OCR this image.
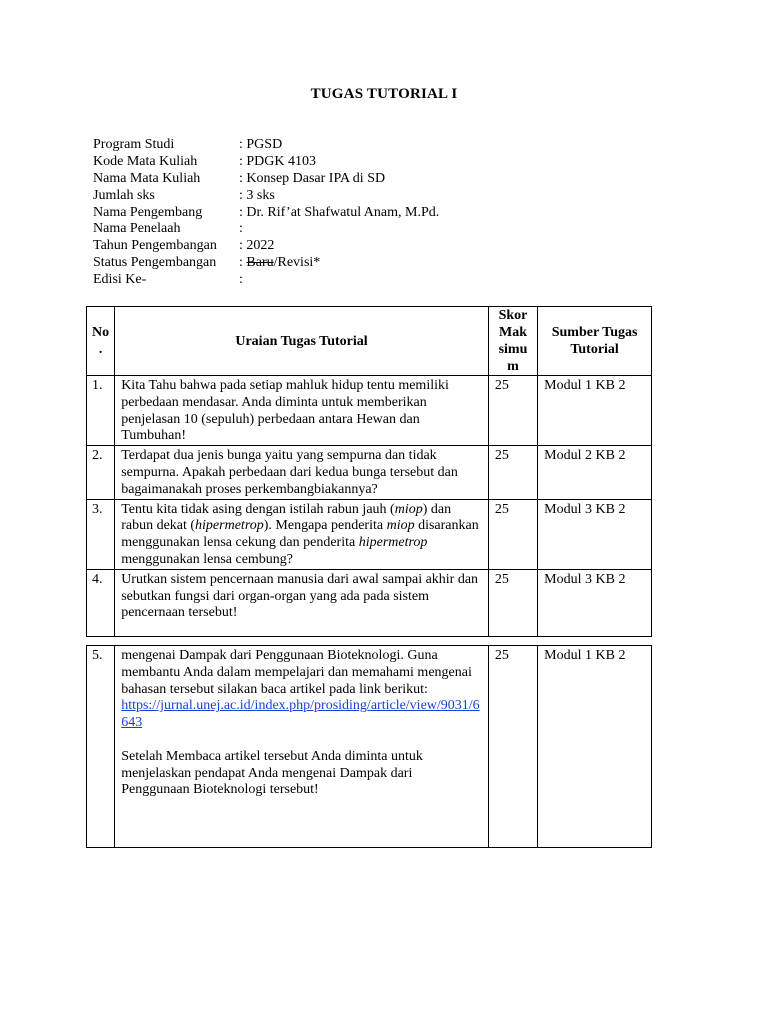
TUGAS TUTORIAL I
Program Studi	: PGSD
Kode Mata Kuliah	: PDGK 4103
Nama Mata Kuliah	: Konsep Dasar IPA di SD
Jumlah sks	: 3 sks
Nama Pengembang	: Dr. Rif’at Shafwatul Anam, M.Pd.
Nama Penelaah	:
Tahun Pengembangan	: 2022
Status Pengembangan	: Baru/Revisi*
Edisi Ke-	:
No
.	Uraian Tugas Tutorial	Skor
Mak
simu
m	Sumber Tugas
Tutorial

1.	Kita Tahu bahwa pada setiap mahluk hidup tentu memiliki perbedaan mendasar. Anda diminta untuk memberikan penjelasan 10 (sepuluh) perbedaan antara Hewan dan Tumbuhan!	25	Modul 1 KB 2

2.	Terdapat dua jenis bunga yaitu yang sempurna dan tidak sempurna. Apakah perbedaan dari kedua bunga tersebut dan bagaimanakah proses perkembangbiakannya?	25	Modul 2 KB 2

3.	Tentu kita tidak asing dengan istilah rabun jauh (miop) dan rabun dekat (hipermetrop). Mengapa penderita miop disarankan menggunakan lensa cekung dan penderita hipermetrop menggunakan lensa cembung?	25	Modul 3 KB 2

4.	Urutkan sistem pencernaan manusia dari awal sampai akhir dan sebutkan fungsi dari organ-organ yang ada pada sistem pencernaan tersebut!	25	Modul 3 KB 2
5.	mengenai Dampak dari Penggunaan Bioteknologi. Guna membantu Anda dalam mempelajari dan memahami mengenai bahasan tersebut silakan baca artikel pada link berikut:
https://jurnal.unej.ac.id/index.php/prosiding/article/view/9031/6643

Setelah Membaca artikel tersebut Anda diminta untuk menjelaskan pendapat Anda mengenai Dampak dari Penggunaan Bioteknologi tersebut!

25	Modul 1 KB 2
